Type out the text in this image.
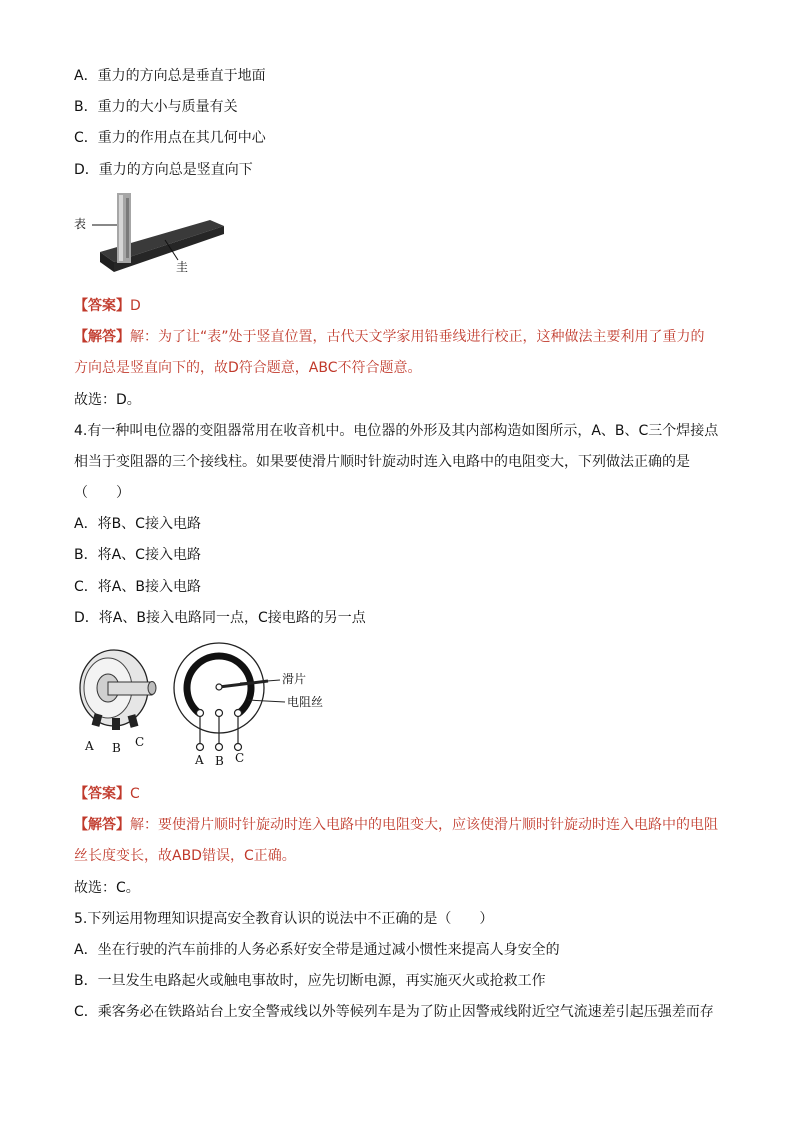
A．重力的方向总是垂直于地面
B．重力的大小与质量有关
C．重力的作用点在其几何中心
D．重力的方向总是竖直向下
表
圭
【答案】D
【解答】解：为了让“表”处于竖直位置，古代天文学家用铅垂线进行校正，这种做法主要利用了重力的
方向总是竖直向下的，故D符合题意，ABC不符合题意。
故选：D。
4.有一种叫电位器的变阻器常用在收音机中。电位器的外形及其内部构造如图所示，A、B、C三个焊接点
相当于变阻器的三个接线柱。如果要使滑片顺时针旋动时连入电路中的电阻变大，下列做法正确的是
（　　）
A．将B、C接入电路
B．将A、C接入电路
C．将A、B接入电路
D．将A、B接入电路同一点，C接电路的另一点
A B C
A B C
滑片
电阻丝
【答案】C
【解答】解：要使滑片顺时针旋动时连入电路中的电阻变大，应该使滑片顺时针旋动时连入电路中的电阻
丝长度变长，故ABD错误，C正确。
故选：C。
5.下列运用物理知识提高安全教育认识的说法中不正确的是（　　）
A．坐在行驶的汽车前排的人务必系好安全带是通过减小惯性来提高人身安全的
B．一旦发生电路起火或触电事故时，应先切断电源，再实施灭火或抢救工作
C．乘客务必在铁路站台上安全警戒线以外等候列车是为了防止因警戒线附近空气流速差引起压强差而存
